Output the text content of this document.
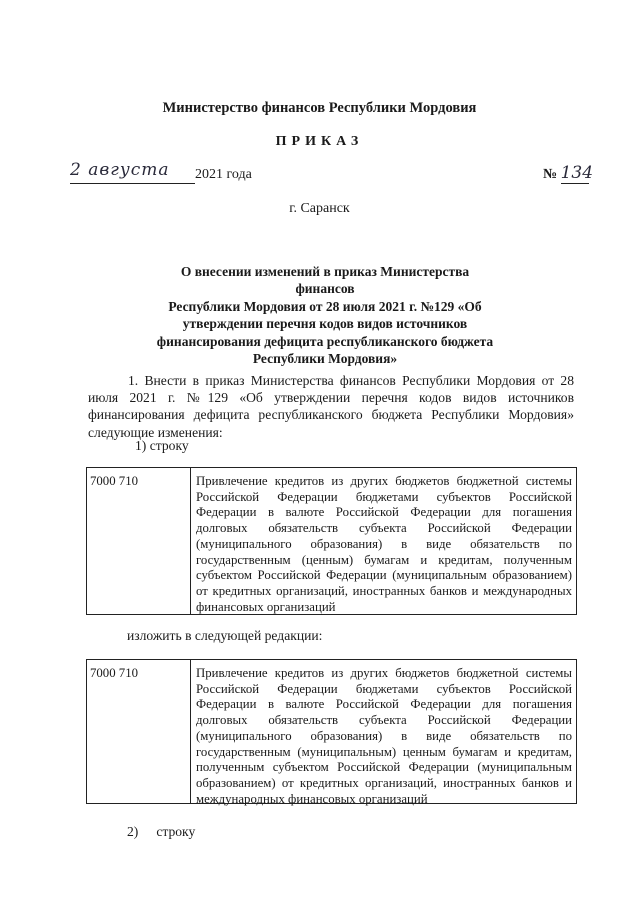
Министерство финансов Республики Мордовия
ПРИКАЗ
2 августа 2021 года	№ 134
г. Саранск
О внесении изменений в приказ Министерства финансов
Республики Мордовия от 28 июля 2021 г. №129 «Об
утверждении перечня кодов видов источников
финансирования дефицита республиканского бюджета
Республики Мордовия»
1. Внести в приказ Министерства финансов Республики Мордовия от 28 июля 2021 г. №129 «Об утверждении перечня кодов видов источников финансирования дефицита республиканского бюджета Республики Мордовия» следующие изменения:
1) строку
7000 710	Привлечение кредитов из других бюджетов бюджетной системы Российской Федерации бюджетами субъектов Российской Федерации в валюте Российской Федерации для погашения долговых обязательств субъекта Российской Федерации (муниципального образования) в виде обязательств по государственным (ценным) бумагам и кредитам, полученным субъектом Российской Федерации (муниципальным образованием) от кредитных организаций, иностранных банков и международных финансовых организаций
изложить в следующей редакции:
7000 710	Привлечение кредитов из других бюджетов бюджетной системы Российской Федерации бюджетами субъектов Российской Федерации в валюте Российской Федерации для погашения долговых обязательств субъекта Российской Федерации (муниципального образования) в виде обязательств по государственным (муниципальным) ценным бумагам и кредитам, полученным субъектом Российской Федерации (муниципальным образованием) от кредитных организаций, иностранных банков и международных финансовых организаций
2) строку
